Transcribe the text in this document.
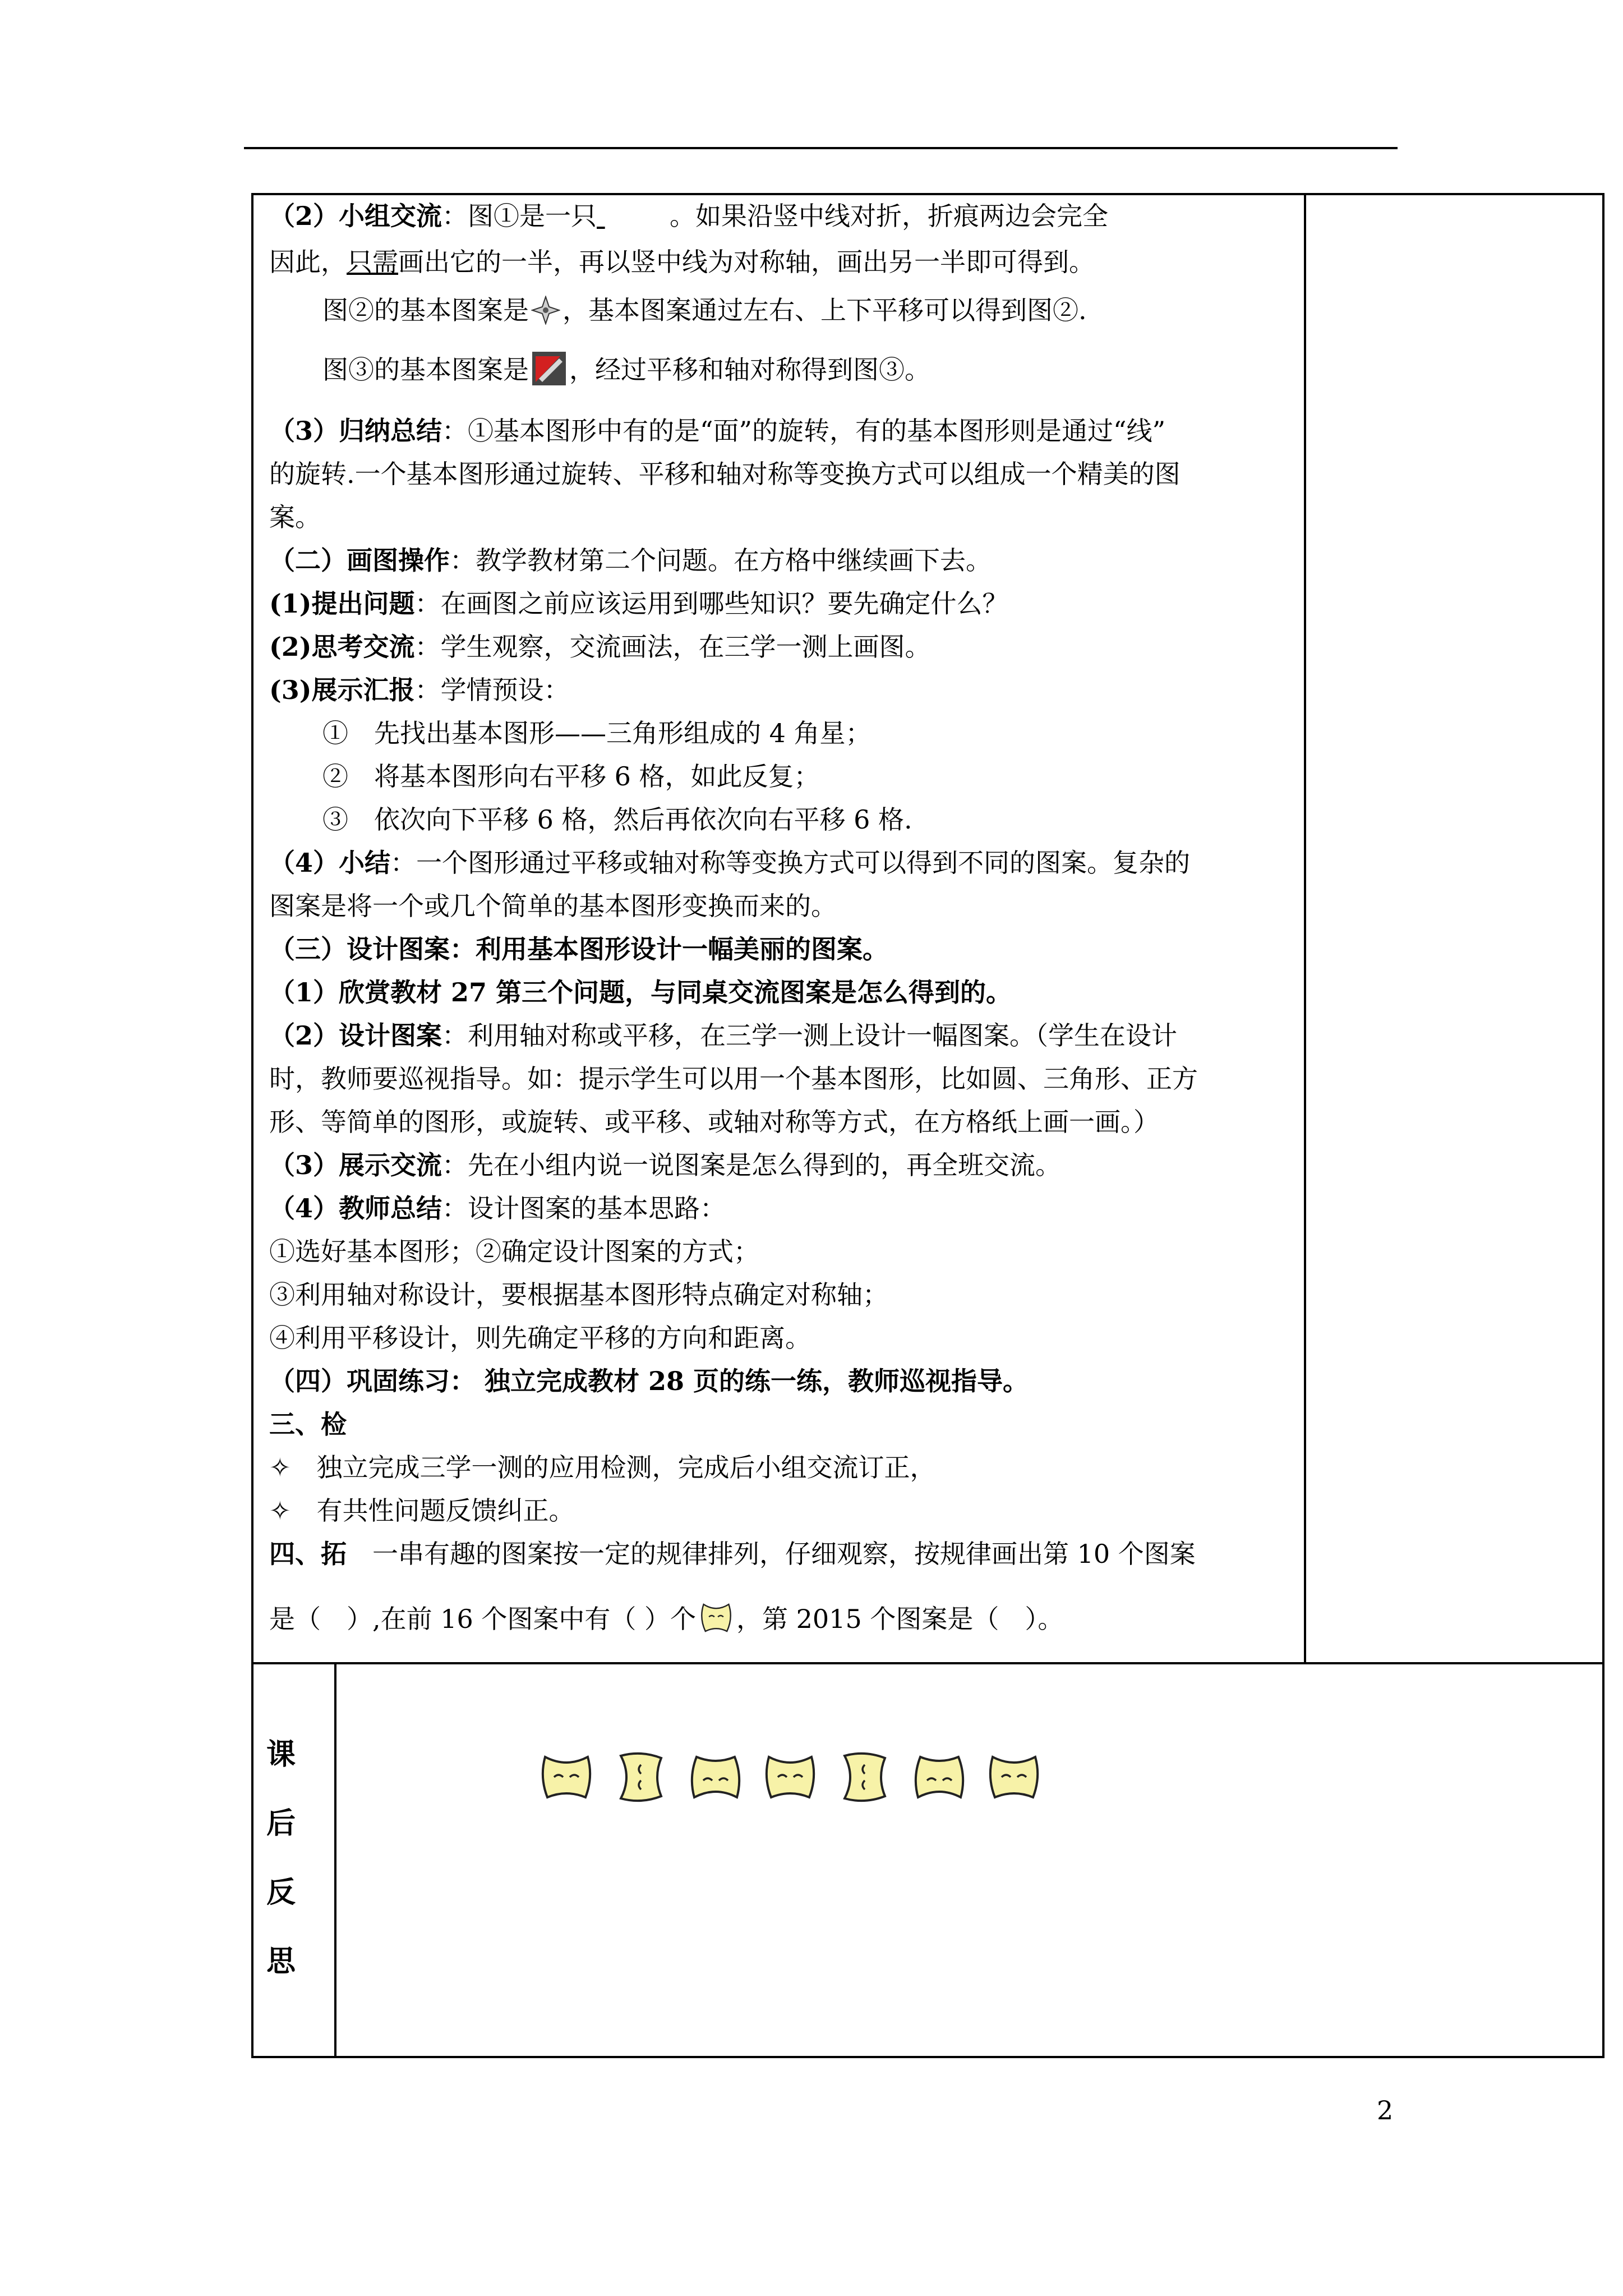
（2）小组交流：图①是一只	。如果沿竖中线对折，折痕两边会完全
因此，只需画出它的一半，再以竖中线为对称轴，画出另一半即可得到。
图②的基本图案是 ，基本图案通过左右、上下平移可以得到图②.
图③的基本图案是 ，经过平移和轴对称得到图③。
（3）归纳总结：①基本图形中有的是“面”的旋转，有的基本图形则是通过“线”
的旋转.一个基本图形通过旋转、平移和轴对称等变换方式可以组成一个精美的图
案。
（二）画图操作：教学教材第二个问题。在方格中继续画下去。
(1)提出问题：在画图之前应该运用到哪些知识？要先确定什么？
(2)思考交流：学生观察，交流画法，在三学一测上画图。
(3)展示汇报：学情预设：
①　先找出基本图形——三角形组成的 4 角星；
②　将基本图形向右平移 6 格，如此反复；
③　依次向下平移 6 格，然后再依次向右平移 6 格.
（4）小结：一个图形通过平移或轴对称等变换方式可以得到不同的图案。复杂的
图案是将一个或几个简单的基本图形变换而来的。
（三）设计图案：利用基本图形设计一幅美丽的图案。
（1）欣赏教材 27 第三个问题，与同桌交流图案是怎么得到的。
（2）设计图案：利用轴对称或平移，在三学一测上设计一幅图案。（学生在设计
时，教师要巡视指导。如：提示学生可以用一个基本图形，比如圆、三角形、正方
形、等简单的图形，或旋转、或平移、或轴对称等方式，在方格纸上画一画。）
（3）展示交流：先在小组内说一说图案是怎么得到的，再全班交流。
（4）教师总结：设计图案的基本思路：
①选好基本图形；②确定设计图案的方式；
③利用轴对称设计，要根据基本图形特点确定对称轴；
④利用平移设计，则先确定平移的方向和距离。
（四）巩固练习： 独立完成教材 28 页的练一练，教师巡视指导。
三、检
✧　独立完成三学一测的应用检测，完成后小组交流订正，
✧　有共性问题反馈纠正。
四、拓　一串有趣的图案按一定的规律排列，仔细观察，按规律画出第 10 个图案
是（　）,在前 16 个图案中有（ ）个 ，第 2015 个图案是（　）。
课
后
反
思
2
